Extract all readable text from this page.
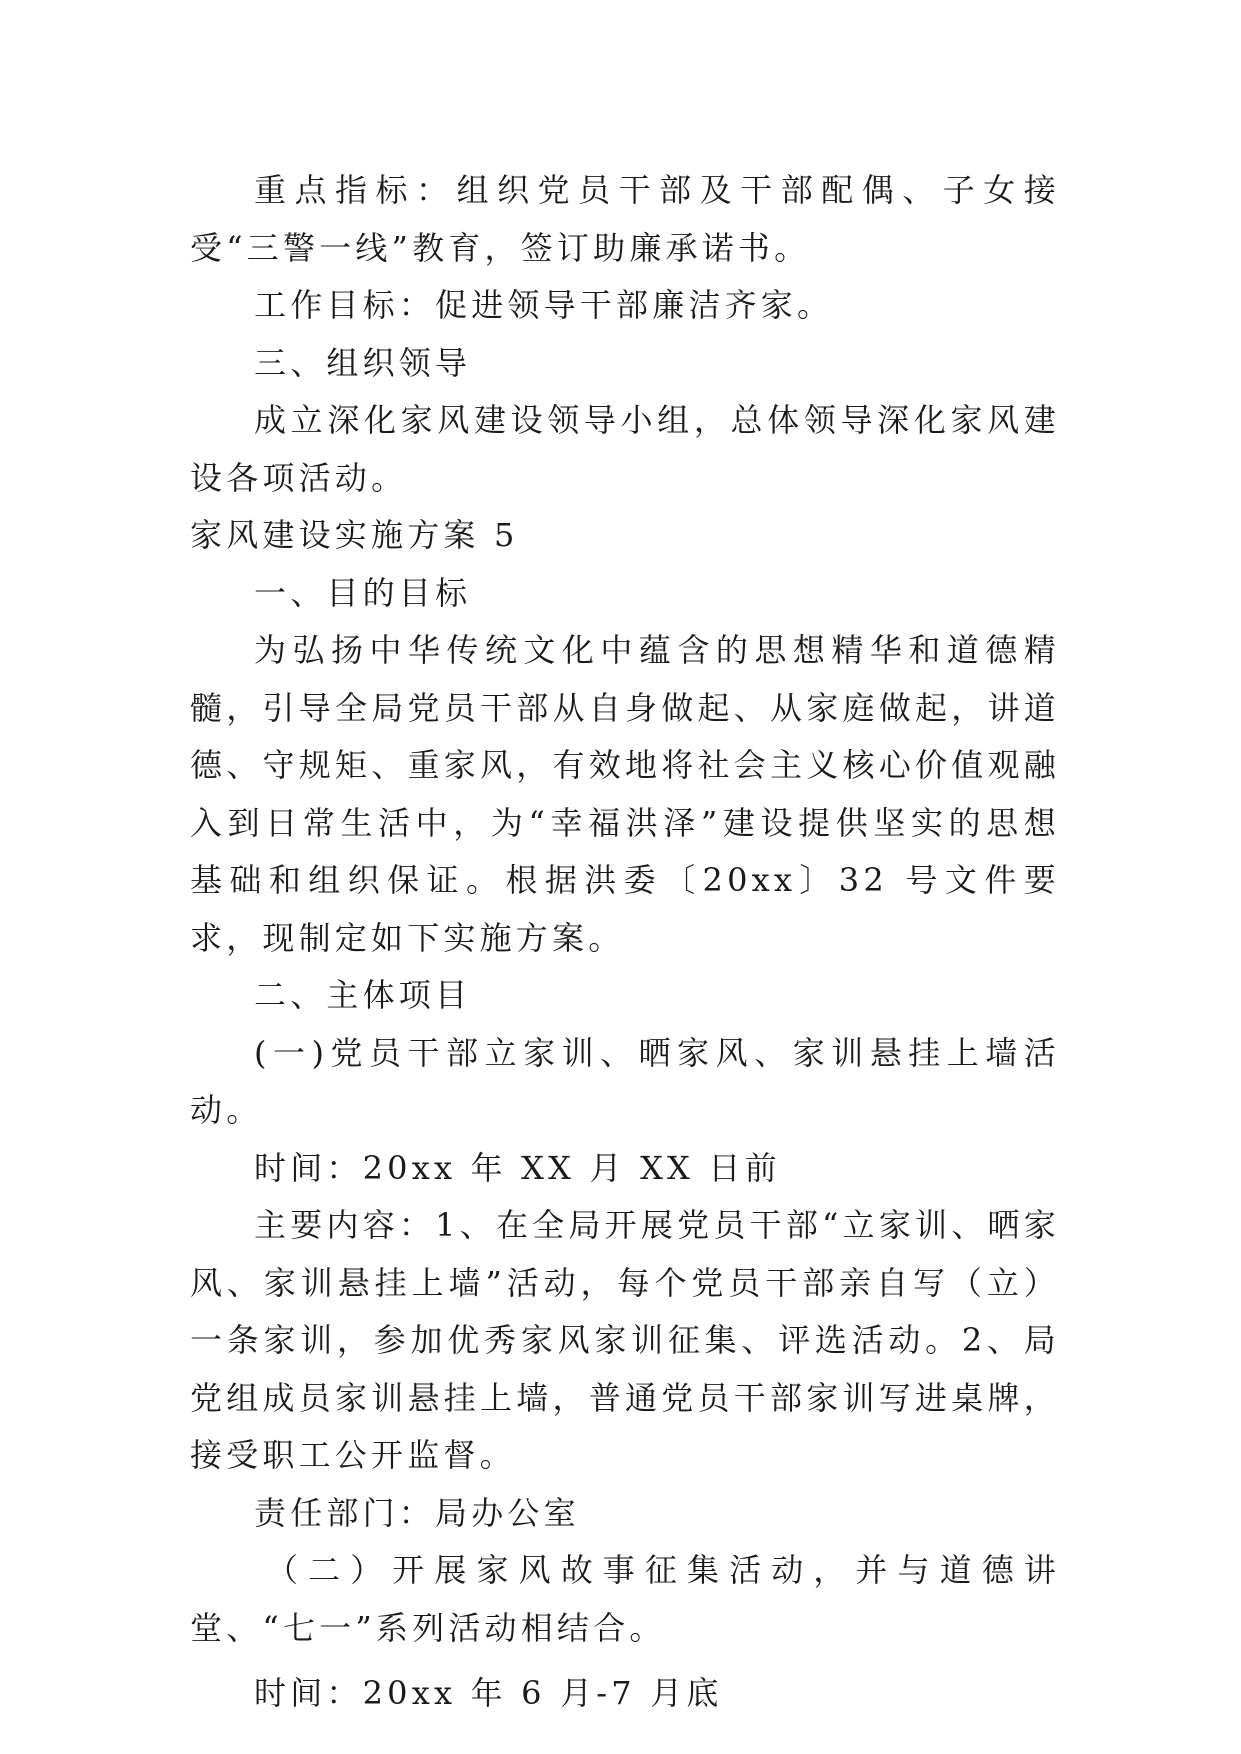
重点指标：组织党员干部及干部配偶、子女接受“三警一线”教育，签订助廉承诺书。

工作目标：促进领导干部廉洁齐家。

三、组织领导

成立深化家风建设领导小组，总体领导深化家风建设各项活动。

家风建设实施方案 5

一、目的目标

为弘扬中华传统文化中蕴含的思想精华和道德精髓，引导全局党员干部从自身做起、从家庭做起，讲道德、守规矩、重家风，有效地将社会主义核心价值观融入到日常生活中，为“幸福洪泽”建设提供坚实的思想基础和组织保证。根据洪委〔20xx〕32 号文件要求，现制定如下实施方案。

二、主体项目

(一)党员干部立家训、晒家风、家训悬挂上墙活动。

时间：20xx 年 XX 月 XX 日前

主要内容：1、在全局开展党员干部“立家训、晒家风、家训悬挂上墙”活动，每个党员干部亲自写（立）一条家训，参加优秀家风家训征集、评选活动。2、局党组成员家训悬挂上墙，普通党员干部家训写进桌牌，接受职工公开监督。

责任部门：局办公室

（二）开展家风故事征集活动，并与道德讲堂、“七一”系列活动相结合。

时间：20xx 年 6 月-7 月底
